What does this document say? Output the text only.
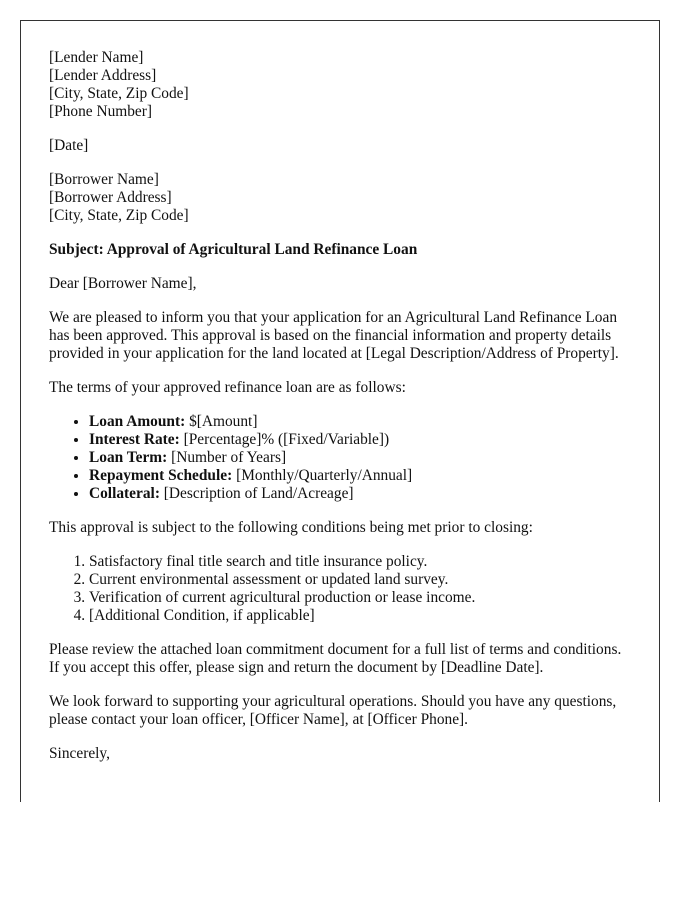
[Lender Name]
[Lender Address]
[City, State, Zip Code]
[Phone Number]

[Date]

[Borrower Name]
[Borrower Address]
[City, State, Zip Code]

Subject: Approval of Agricultural Land Refinance Loan

Dear [Borrower Name],

We are pleased to inform you that your application for an Agricultural Land Refinance Loan has been approved. This approval is based on the financial information and property details provided in your application for the land located at [Legal Description/Address of Property].

The terms of your approved refinance loan are as follows:

• Loan Amount: $[Amount]
• Interest Rate: [Percentage]% ([Fixed/Variable])
• Loan Term: [Number of Years]
• Repayment Schedule: [Monthly/Quarterly/Annual]
• Collateral: [Description of Land/Acreage]

This approval is subject to the following conditions being met prior to closing:

1. Satisfactory final title search and title insurance policy.
2. Current environmental assessment or updated land survey.
3. Verification of current agricultural production or lease income.
4. [Additional Condition, if applicable]

Please review the attached loan commitment document for a full list of terms and conditions. If you accept this offer, please sign and return the document by [Deadline Date].

We look forward to supporting your agricultural operations. Should you have any questions, please contact your loan officer, [Officer Name], at [Officer Phone].

Sincerely,
